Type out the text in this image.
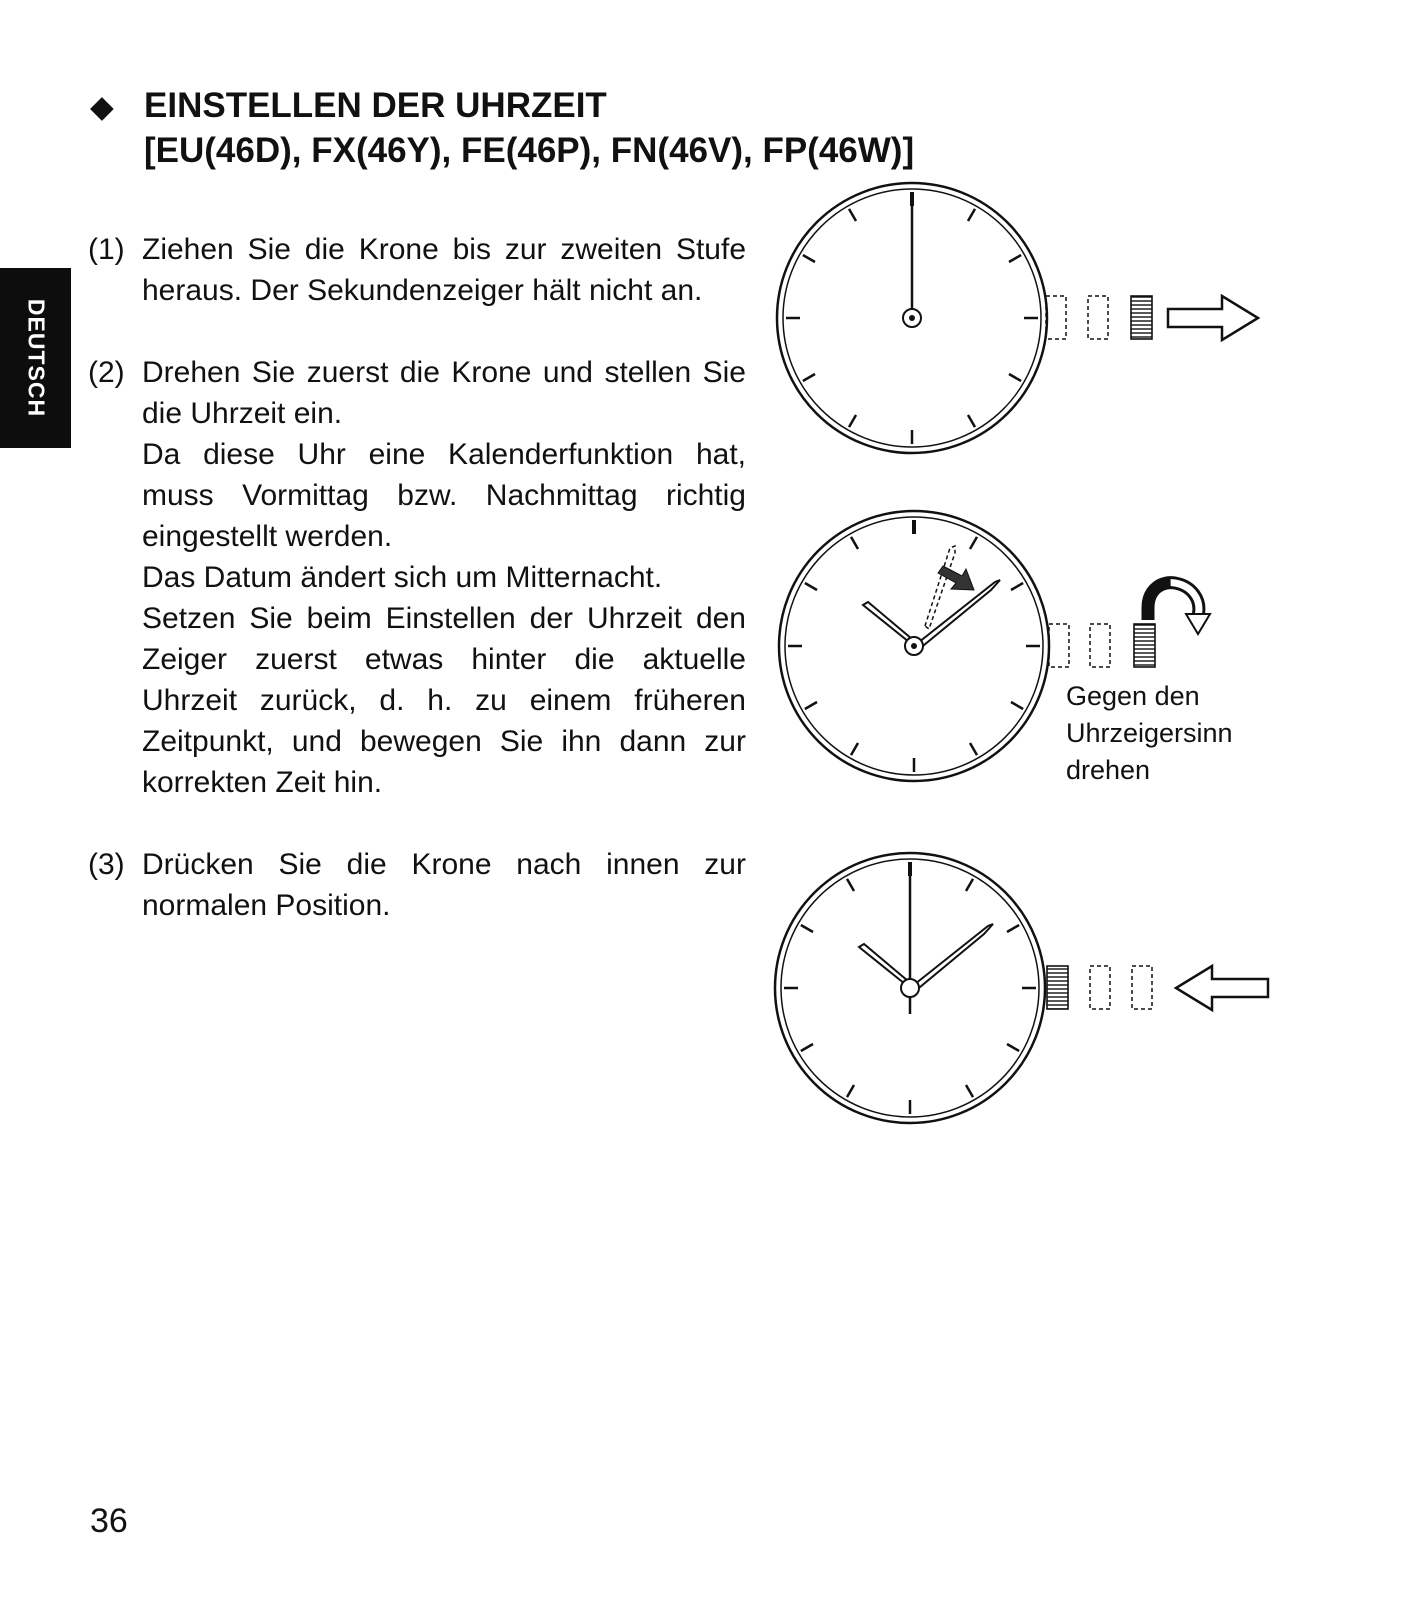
DEUTSCH
◆ EINSTELLEN DER UHRZEIT
[EU(46D), FX(46Y), FE(46P), FN(46V), FP(46W)]
(1) Ziehen Sie die Krone bis zur zweiten Stufe heraus. Der Sekundenzeiger hält nicht an.

(2) Drehen Sie zuerst die Krone und stellen Sie die Uhrzeit ein.

Da diese Uhr eine Kalenderfunktion hat, muss Vormittag bzw. Nachmittag richtig eingestellt werden.

Das Datum ändert sich um Mitternacht.

Setzen Sie beim Einstellen der Uhrzeit den Zeiger zuerst etwas hinter die aktuelle Uhrzeit zurück, d. h. zu einem früheren Zeitpunkt, und bewegen Sie ihn dann zur korrekten Zeit hin.

(3) Drücken Sie die Krone nach innen zur normalen Position.

Gegen den
Uhrzeigersinn
drehen
36
